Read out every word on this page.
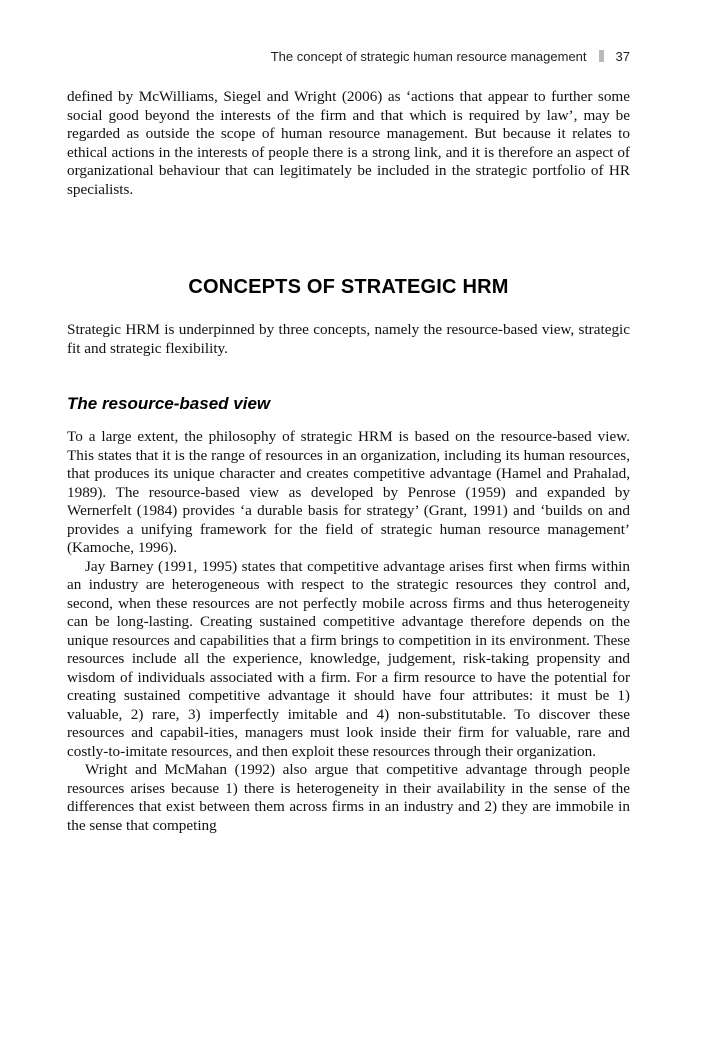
The concept of strategic human resource management 37

defined by McWilliams, Siegel and Wright (2006) as ‘actions that appear to further some social good beyond the interests of the firm and that which is required by law’, may be regarded as outside the scope of human resource management. But because it relates to ethical actions in the interests of people there is a strong link, and it is therefore an aspect of organizational behaviour that can legitimately be included in the strategic portfolio of HR specialists.

CONCEPTS OF STRATEGIC HRM

Strategic HRM is underpinned by three concepts, namely the resource-based view, strategic fit and strategic flexibility.

The resource-based view

To a large extent, the philosophy of strategic HRM is based on the resource-based view. This states that it is the range of resources in an organization, including its human resources, that produces its unique character and creates competitive advantage (Hamel and Prahalad, 1989). The resource-based view as developed by Penrose (1959) and expanded by Wernerfelt (1984) provides ‘a durable basis for strategy’ (Grant, 1991) and ‘builds on and provides a unifying framework for the field of strategic human resource management’ (Kamoche, 1996).

Jay Barney (1991, 1995) states that competitive advantage arises first when firms within an industry are heterogeneous with respect to the strategic resources they control and, second, when these resources are not perfectly mobile across firms and thus heterogeneity can be long-lasting. Creating sustained competitive advantage therefore depends on the unique resources and capabilities that a firm brings to competition in its environment. These resources include all the experience, knowledge, judgement, risk-taking propensity and wisdom of individuals associated with a firm. For a firm resource to have the potential for creating sustained competitive advantage it should have four attributes: it must be 1) valuable, 2) rare, 3) imperfectly imitable and 4) non-substitutable. To discover these resources and capabil-ities, managers must look inside their firm for valuable, rare and costly-to-imitate resources, and then exploit these resources through their organization.

Wright and McMahan (1992) also argue that competitive advantage through people resources arises because 1) there is heterogeneity in their availability in the sense of the differences that exist between them across firms in an industry and 2) they are immobile in the sense that competing
